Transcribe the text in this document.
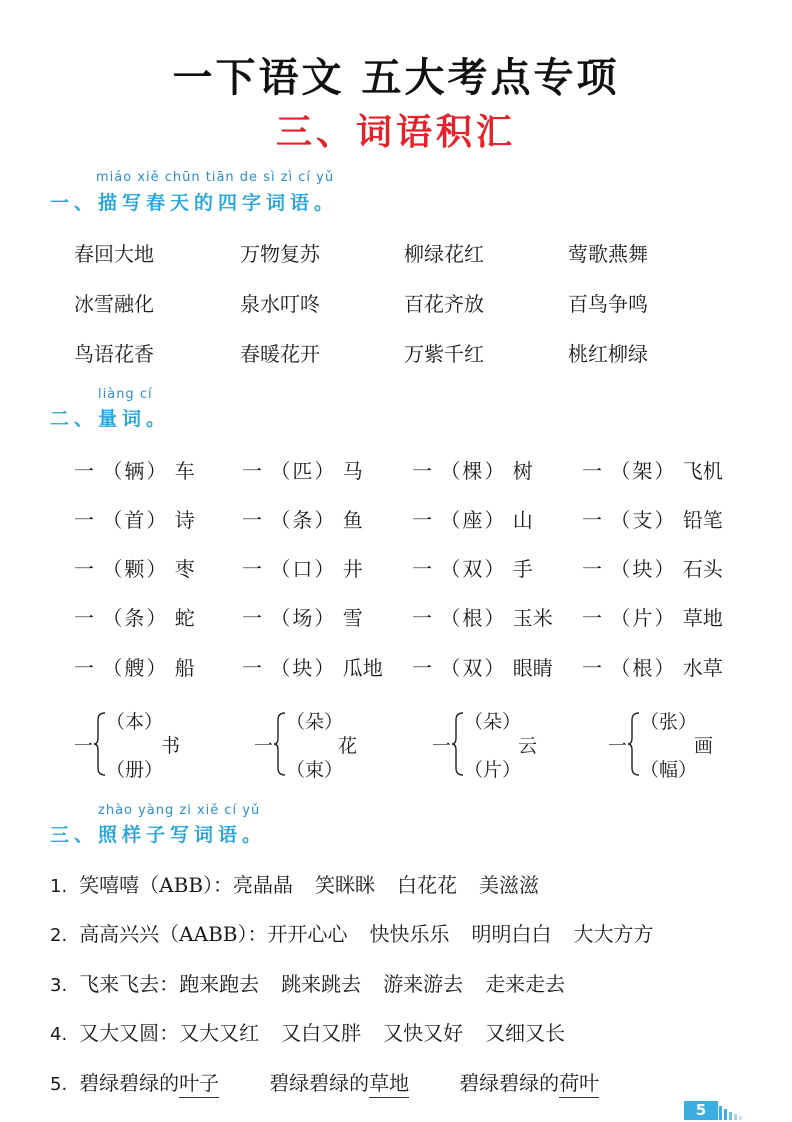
一下语文 五大考点专项
三、词语积汇
miáo xiě chūn tiān de sì zì cí yǔ
一、描写春天的四字词语。
春回大地	万物复苏	柳绿花红	莺歌燕舞
冰雪融化	泉水叮咚	百花齐放	百鸟争鸣
鸟语花香	春暖花开	万紫千红	桃红柳绿
liàng cí
二、量词。
一 （ 辆 ） 车 一 （ 匹 ） 马 一 （ 棵 ） 树 一 （ 架 ） 飞机
一 （ 首 ） 诗 一 （ 条 ） 鱼 一 （ 座 ） 山 一 （ 支 ） 铅笔
一 （ 颗 ） 枣 一 （ 口 ） 井 一 （ 双 ） 手 一 （ 块 ） 石头
一 （ 条 ） 蛇 一 （ 场 ） 雪 一 （ 根 ） 玉米 一 （ 片 ） 草地
一 （ 艘 ） 船 一 （ 块 ） 瓜地 一 （ 双 ） 眼睛 一 （ 根 ） 水草
一
（本）
（册）
书	一
（朵）
（束）
花	一
（朵）
（片）
云	一
（张）
（幅）
画
zhào yàng zi xiě cí yǔ
三、照样子写词语。
1. 笑嘻嘻（ABB）：亮晶晶 笑眯眯 白花花 美滋滋
2. 高高兴兴（AABB）：开开心心 快快乐乐 明明白白 大大方方
3. 飞来飞去：跑来跑去 跳来跳去 游来游去 走来走去
4. 又大又圆：又大又红 又白又胖 又快又好 又细又长
5. 碧绿碧绿的叶子	碧绿碧绿的草地	碧绿碧绿的荷叶
5
